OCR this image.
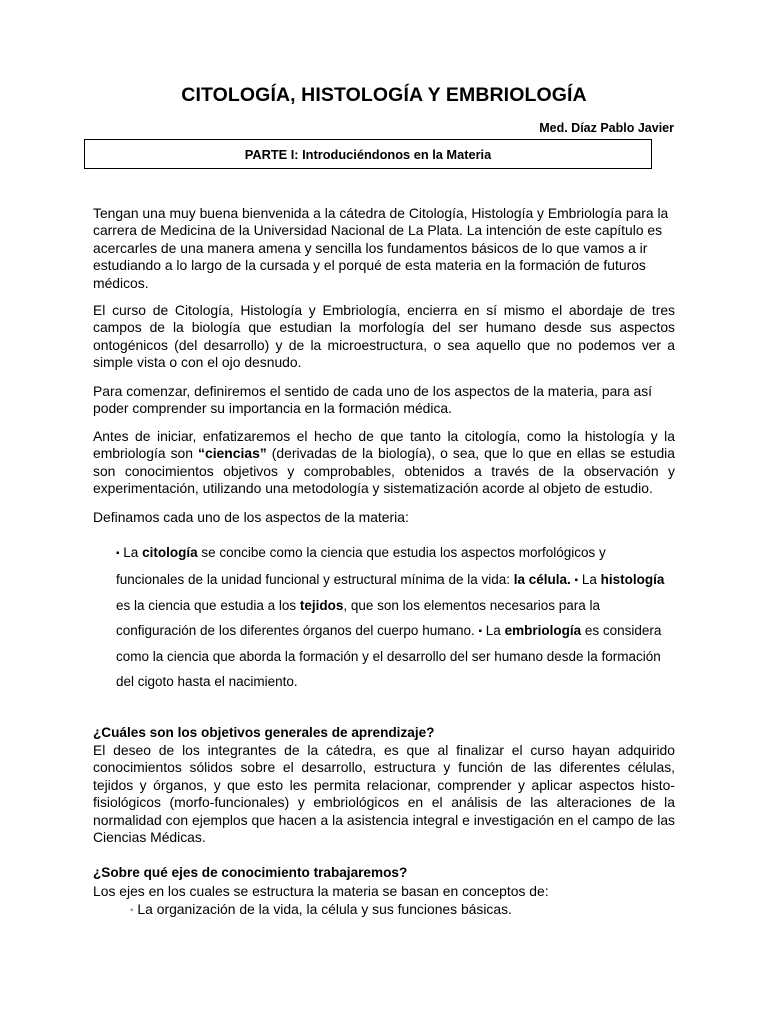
CITOLOGÍA, HISTOLOGÍA Y EMBRIOLOGÍA
Med. Díaz Pablo Javier
PARTE I: Introduciéndonos en la Materia

Tengan una muy buena bienvenida a la cátedra de Citología, Histología y Embriología para la carrera de Medicina de la Universidad Nacional de La Plata. La intención de este capítulo es acercarles de una manera amena y sencilla los fundamentos básicos de lo que vamos a ir estudiando a lo largo de la cursada y el porqué de esta materia en la formación de futuros médicos.

El curso de Citología, Histología y Embriología, encierra en sí mismo el abordaje de tres campos de la biología que estudian la morfología del ser humano desde sus aspectos ontogénicos (del desarrollo) y de la microestructura, o sea aquello que no podemos ver a simple vista o con el ojo desnudo.

Para comenzar, definiremos el sentido de cada uno de los aspectos de la materia, para así poder comprender su importancia en la formación médica.

Antes de iniciar, enfatizaremos el hecho de que tanto la citología, como la histología y la embriología son “ciencias” (derivadas de la biología), o sea, que lo que en ellas se estudia son conocimientos objetivos y comprobables, obtenidos a través de la observación y experimentación, utilizando una metodología y sistematización acorde al objeto de estudio.

Definamos cada uno de los aspectos de la materia:

▪ La citología se concibe como la ciencia que estudia los aspectos morfológicos y funcionales de la unidad funcional y estructural mínima de la vida: la célula. ▪ La histología es la ciencia que estudia a los tejidos, que son los elementos necesarios para la configuración de los diferentes órganos del cuerpo humano. ▪ La embriología es considera como la ciencia que aborda la formación y el desarrollo del ser humano desde la formación del cigoto hasta el nacimiento.

¿Cuáles son los objetivos generales de aprendizaje?

El deseo de los integrantes de la cátedra, es que al finalizar el curso hayan adquirido conocimientos sólidos sobre el desarrollo, estructura y función de las diferentes células, tejidos y órganos, y que esto les permita relacionar, comprender y aplicar aspectos histo-fisiológicos (morfo-funcionales) y embriológicos en el análisis de las alteraciones de la normalidad con ejemplos que hacen a la asistencia integral e investigación en el campo de las Ciencias Médicas.

¿Sobre qué ejes de conocimiento trabajaremos?

Los ejes en los cuales se estructura la materia se basan en conceptos de:

▪ La organización de la vida, la célula y sus funciones básicas.
